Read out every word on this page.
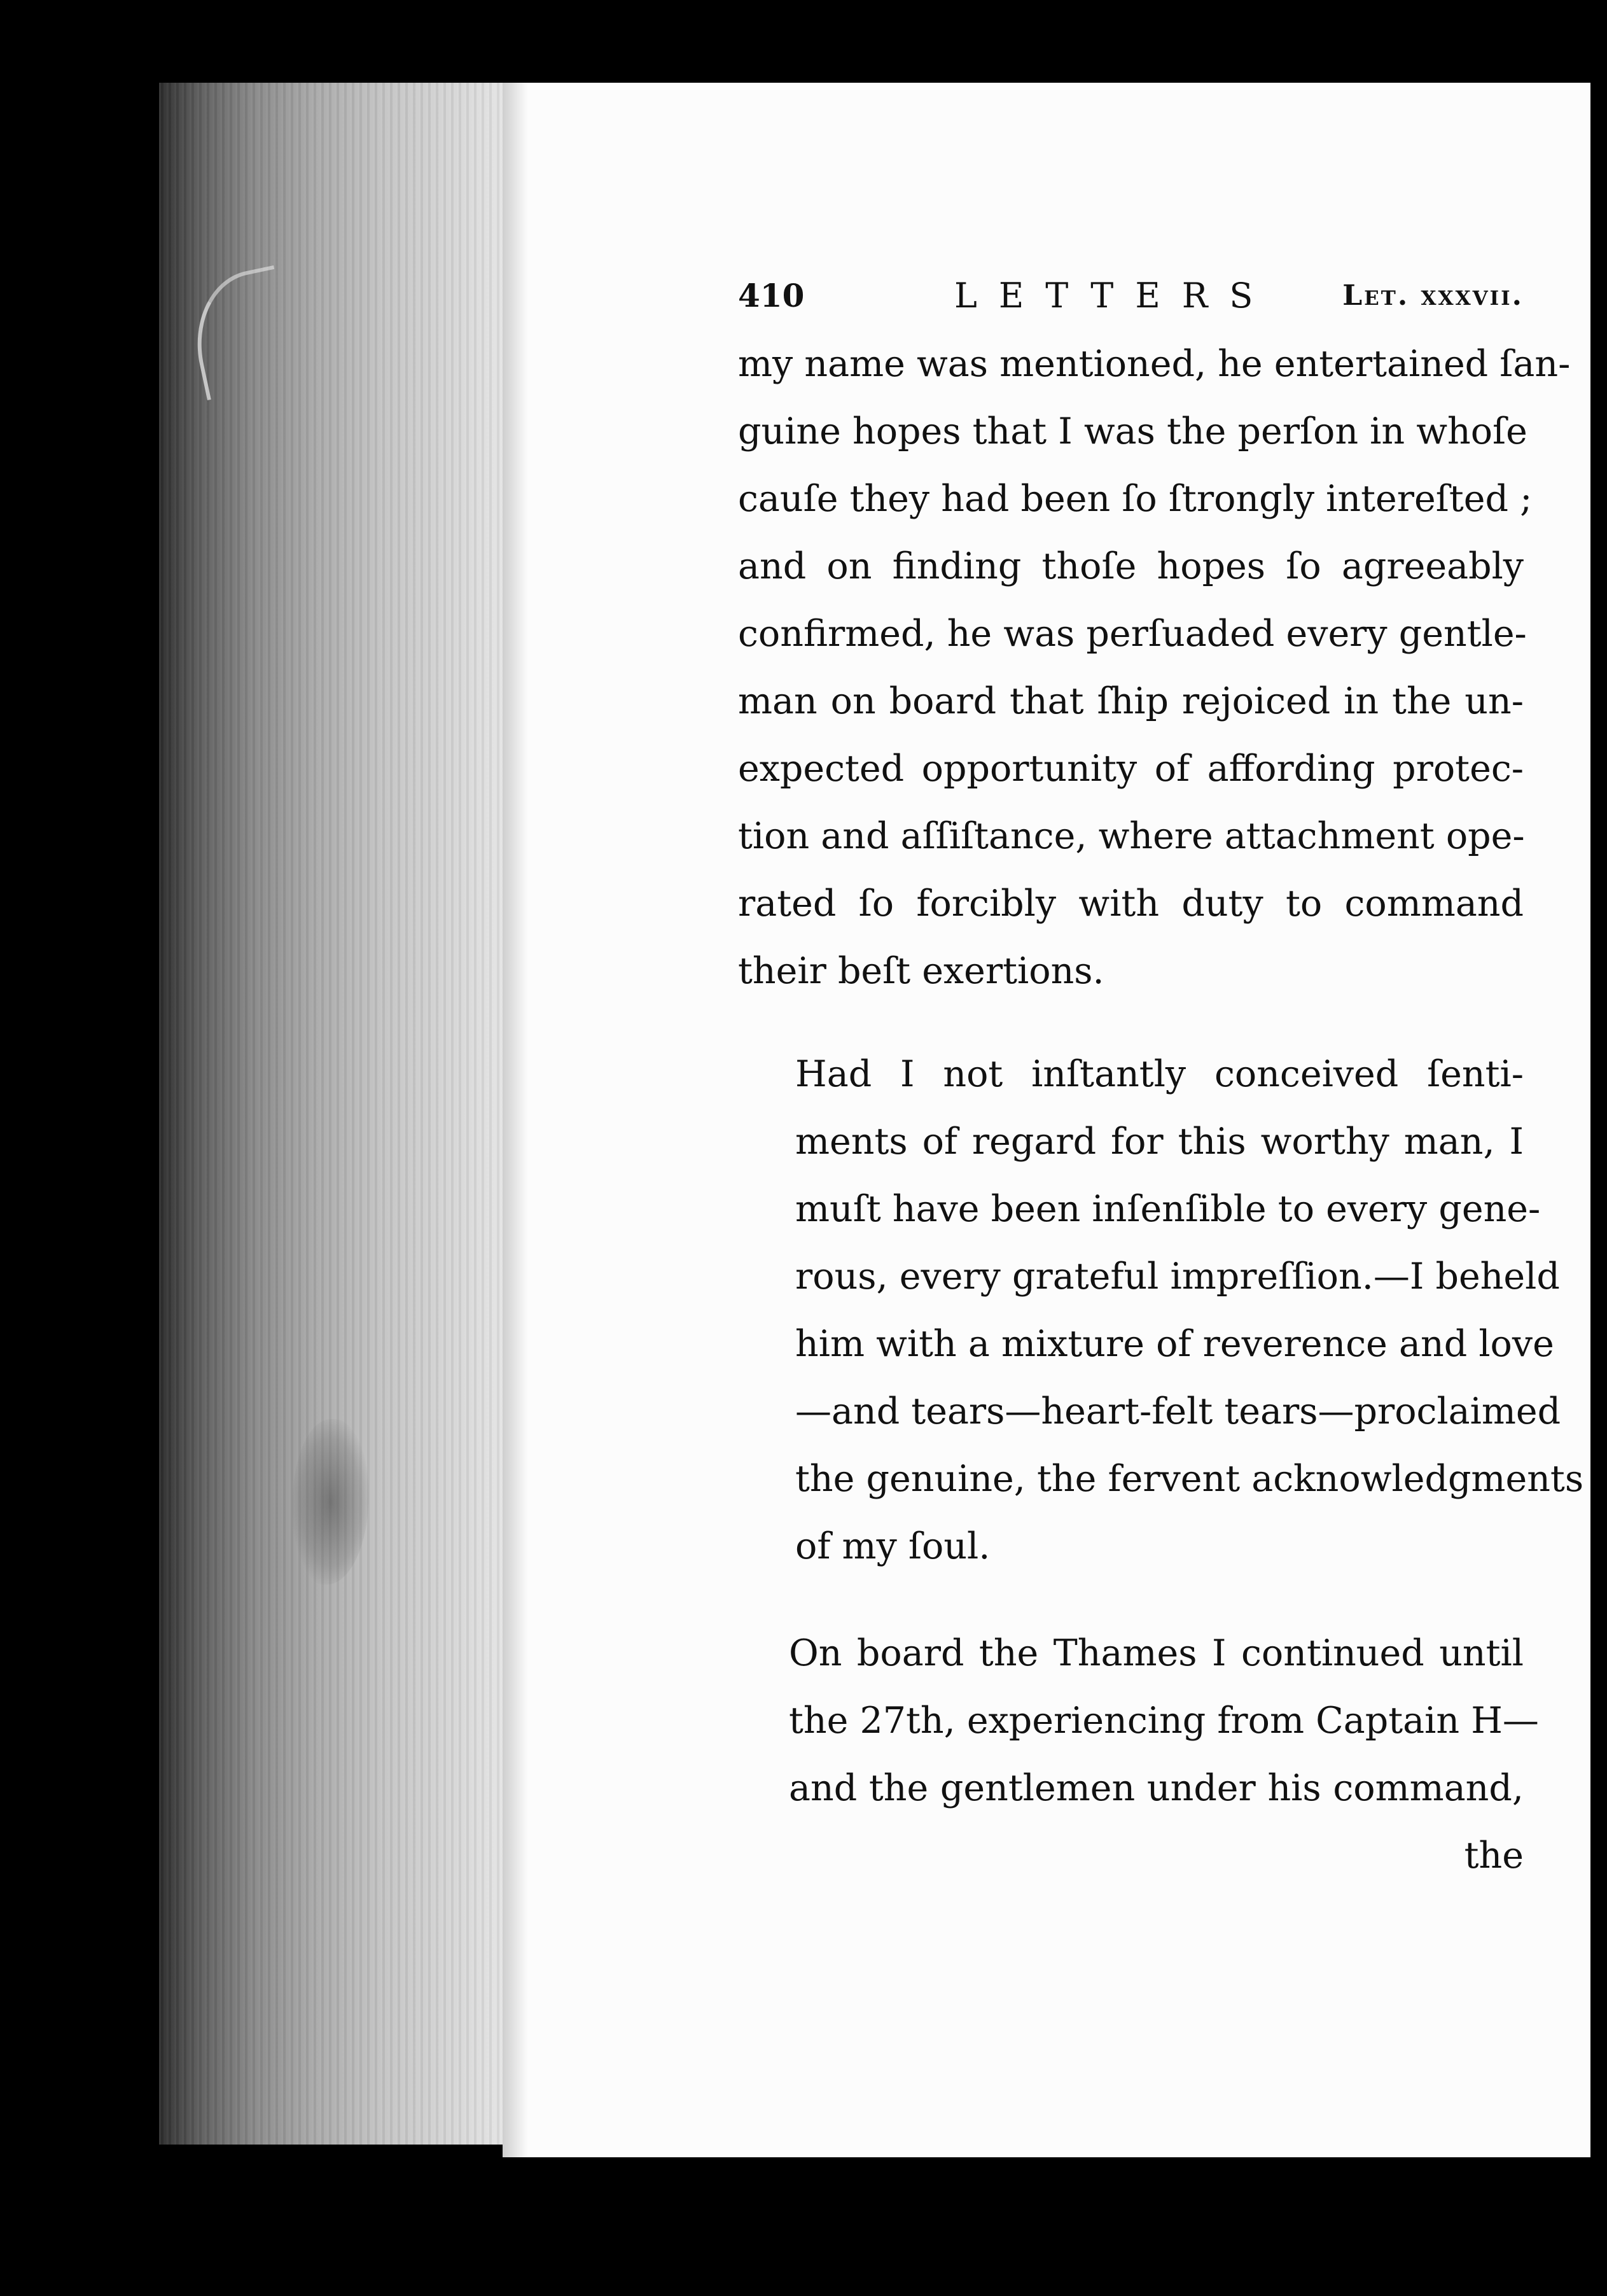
410	LETTERS Let. xxxvii.

my name was mentioned, he entertained ſan-
guine hopes that I was the perſon in whoſe
cauſe they had been ſo ſtrongly intereſted ;
and on finding thoſe hopes ſo agreeably
confirmed, he was perſuaded every gentle-
man on board that ſhip rejoiced in the un-
expected opportunity of affording protec-
tion and aſſiſtance, where attachment ope-
rated ſo forcibly with duty to command
their beſt exertions.

Had I not inſtantly conceived ſenti-
ments of regard for this worthy man, I
muſt have been inſenſible to every gene-
rous, every grateful impreſſion.—I beheld
him with a mixture of reverence and love
—and tears—heart-felt tears—proclaimed
the genuine, the fervent acknowledgments
of my ſoul.

On board the Thames I continued until
the 27th, experiencing from Captain H—
and the gentlemen under his command,

the
